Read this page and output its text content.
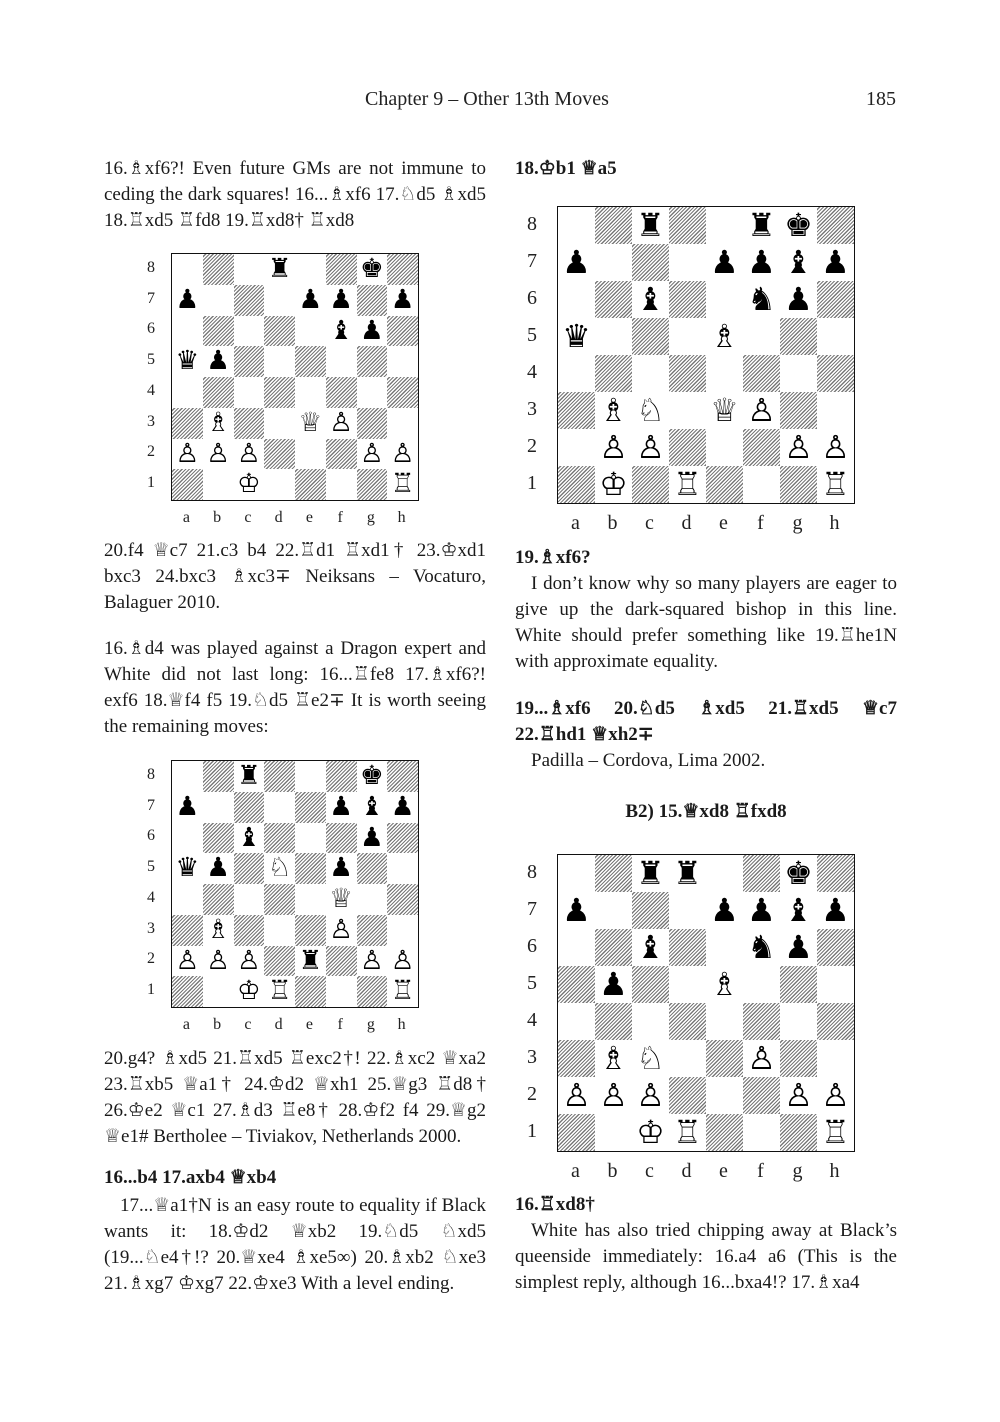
Chapter 9 – Other 13th Moves	185
16.♗xf6?! Even future GMs are not immune to ceding the dark squares! 16...♗xf6 17.♘d5 ♗xd5 18.♖xd5 ♖fd8 19.♖xd8† ♖xd8
♜	♚
♟	♟ ♟ ♟
♝ ♟
♛ ♟
♗	♕ ♙
♙ ♙ ♙	♙ ♙
♔	♖
20.f4 ♕c7 21.c3 b4 22.♖d1 ♖xd1† 23.♔xd1 bxc3 24.bxc3 ♗xc3∓ Neiksans – Vocaturo, Balaguer 2010.
16.♗d4 was played against a Dragon expert and White did not last long: 16...♖fe8 17.♗xf6?! exf6 18.♕f4 f5 19.♘d5 ♖e2∓ It is worth seeing the remaining moves:
♜	♚
♟	♟ ♝ ♟
♝	♟
♛ ♟ ♘ ♟
♕
♗	♙
♙ ♙ ♙ ♜ ♙ ♙
♔ ♖	♖
20.g4? ♗xd5 21.♖xd5 ♖exc2†! 22.♗xc2 ♕xa2 23.♖xb5 ♕a1† 24.♔d2 ♕xh1 25.♕g3 ♖d8† 26.♔e2 ♕c1 27.♗d3 ♖e8† 28.♔f2 f4 29.♕g2 ♕e1# Bertholee – Tiviakov, Netherlands 2000.
16...b4 17.axb4 ♕xb4
17...♕a1†N is an easy route to equality if Black wants it: 18.♔d2 ♕xb2 19.♘d5 ♘xd5 (19...♘e4†!? 20.♕xe4 ♗xe5∞) 20.♗xb2 ♘xe3 21.♗xg7 ♔xg7 22.♔xe3 With a level ending.
18.♔b1 ♕a5
♜	♜ ♚
♟	♟ ♟ ♝ ♟
♝	♞ ♟
♛	♗
♗ ♘ ♕ ♙
♙ ♙	♙ ♙
♔ ♖	♖
19.♗xf6?
I don’t know why so many players are eager to give up the dark-squared bishop in this line. White should prefer something like 19.♖he1N with approximate equality.
19...♗xf6 20.♘d5 ♗xd5 21.♖xd5 ♕c7 22.♖hd1 ♕xh2∓
Padilla – Cordova, Lima 2002.
B2) 15.♕xd8 ♖fxd8
♜ ♜	♚
♟	♟ ♟ ♝ ♟
♝	♞ ♟
♟	♗
♗ ♘	♙
♙ ♙ ♙	♙ ♙
♔ ♖	♖
16.♖xd8†
White has also tried chipping away at Black’s queenside immediately: 16.a4 a6 (This is the simplest reply, although 16...bxa4!? 17.♗xa4
8
7
6
5
4
3
2
1
a	b	c	d	e	f	g	h
8
7
6
5
4
3
2
1
a	b	c	d	e	f	g	h
8
7
6
5
4
3
2
1
a	b	c	d	e	f	g	h
8
7
6
5
4
3
2
1
a	b	c	d	e	f	g	h
